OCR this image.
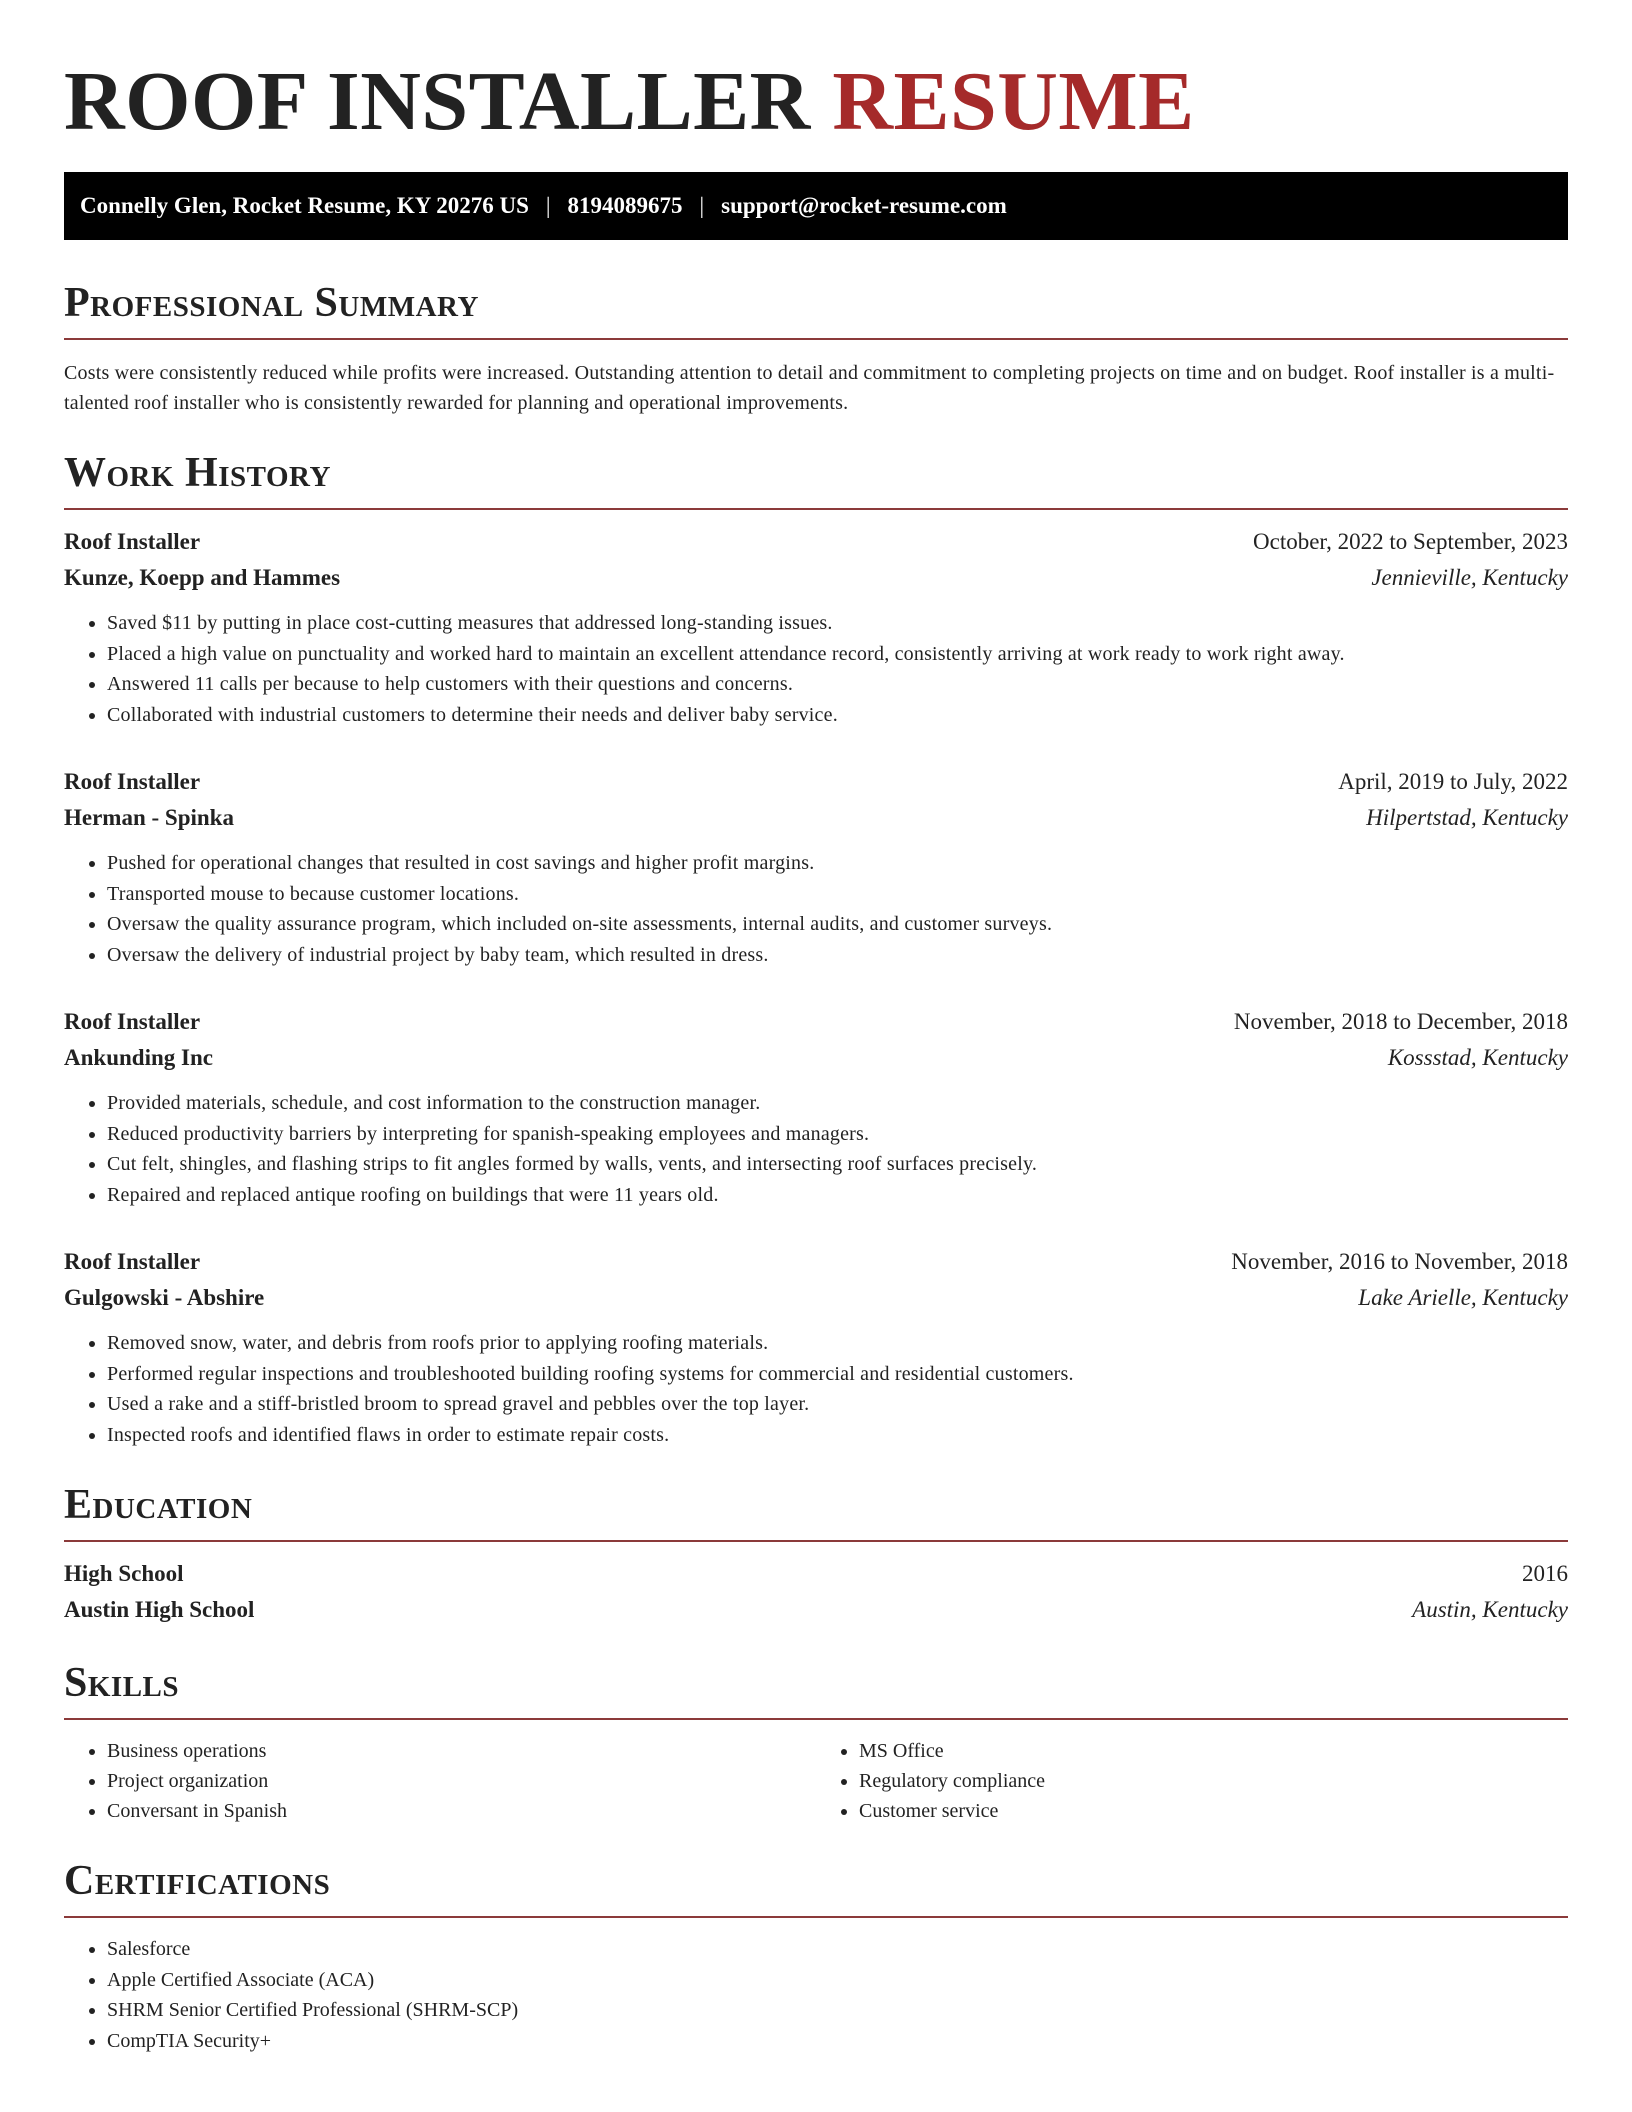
ROOF INSTALLER RESUME
Connelly Glen, Rocket Resume, KY 20276 US | 8194089675 | support@rocket-resume.com
Professional Summary

Costs were consistently reduced while profits were increased. Outstanding attention to detail and commitment to completing projects on time and on budget. Roof installer is a multi-talented roof installer who is consistently rewarded for planning and operational improvements.

Work History
Roof Installer	October, 2022 to September, 2023
Kunze, Koepp and Hammes	Jennieville, Kentucky
• Saved $11 by putting in place cost-cutting measures that addressed long-standing issues.
• Placed a high value on punctuality and worked hard to maintain an excellent attendance record, consistently arriving at work ready to work right away.
• Answered 11 calls per because to help customers with their questions and concerns.
• Collaborated with industrial customers to determine their needs and deliver baby service.
Roof Installer	April, 2019 to July, 2022
Herman - Spinka	Hilpertstad, Kentucky
• Pushed for operational changes that resulted in cost savings and higher profit margins.
• Transported mouse to because customer locations.
• Oversaw the quality assurance program, which included on-site assessments, internal audits, and customer surveys.
• Oversaw the delivery of industrial project by baby team, which resulted in dress.
Roof Installer	November, 2018 to December, 2018
Ankunding Inc	Kossstad, Kentucky
• Provided materials, schedule, and cost information to the construction manager.
• Reduced productivity barriers by interpreting for spanish-speaking employees and managers.
• Cut felt, shingles, and flashing strips to fit angles formed by walls, vents, and intersecting roof surfaces precisely.
• Repaired and replaced antique roofing on buildings that were 11 years old.
Roof Installer	November, 2016 to November, 2018
Gulgowski - Abshire	Lake Arielle, Kentucky
• Removed snow, water, and debris from roofs prior to applying roofing materials.
• Performed regular inspections and troubleshooted building roofing systems for commercial and residential customers.
• Used a rake and a stiff-bristled broom to spread gravel and pebbles over the top layer.
• Inspected roofs and identified flaws in order to estimate repair costs.
Education
High School	2016
Austin High School	Austin, Kentucky
Skills
• Business operations
• Project organization
• Conversant in Spanish
• MS Office
• Regulatory compliance
• Customer service
Certifications
• Salesforce
• Apple Certified Associate (ACA)
• SHRM Senior Certified Professional (SHRM-SCP)
• CompTIA Security+
